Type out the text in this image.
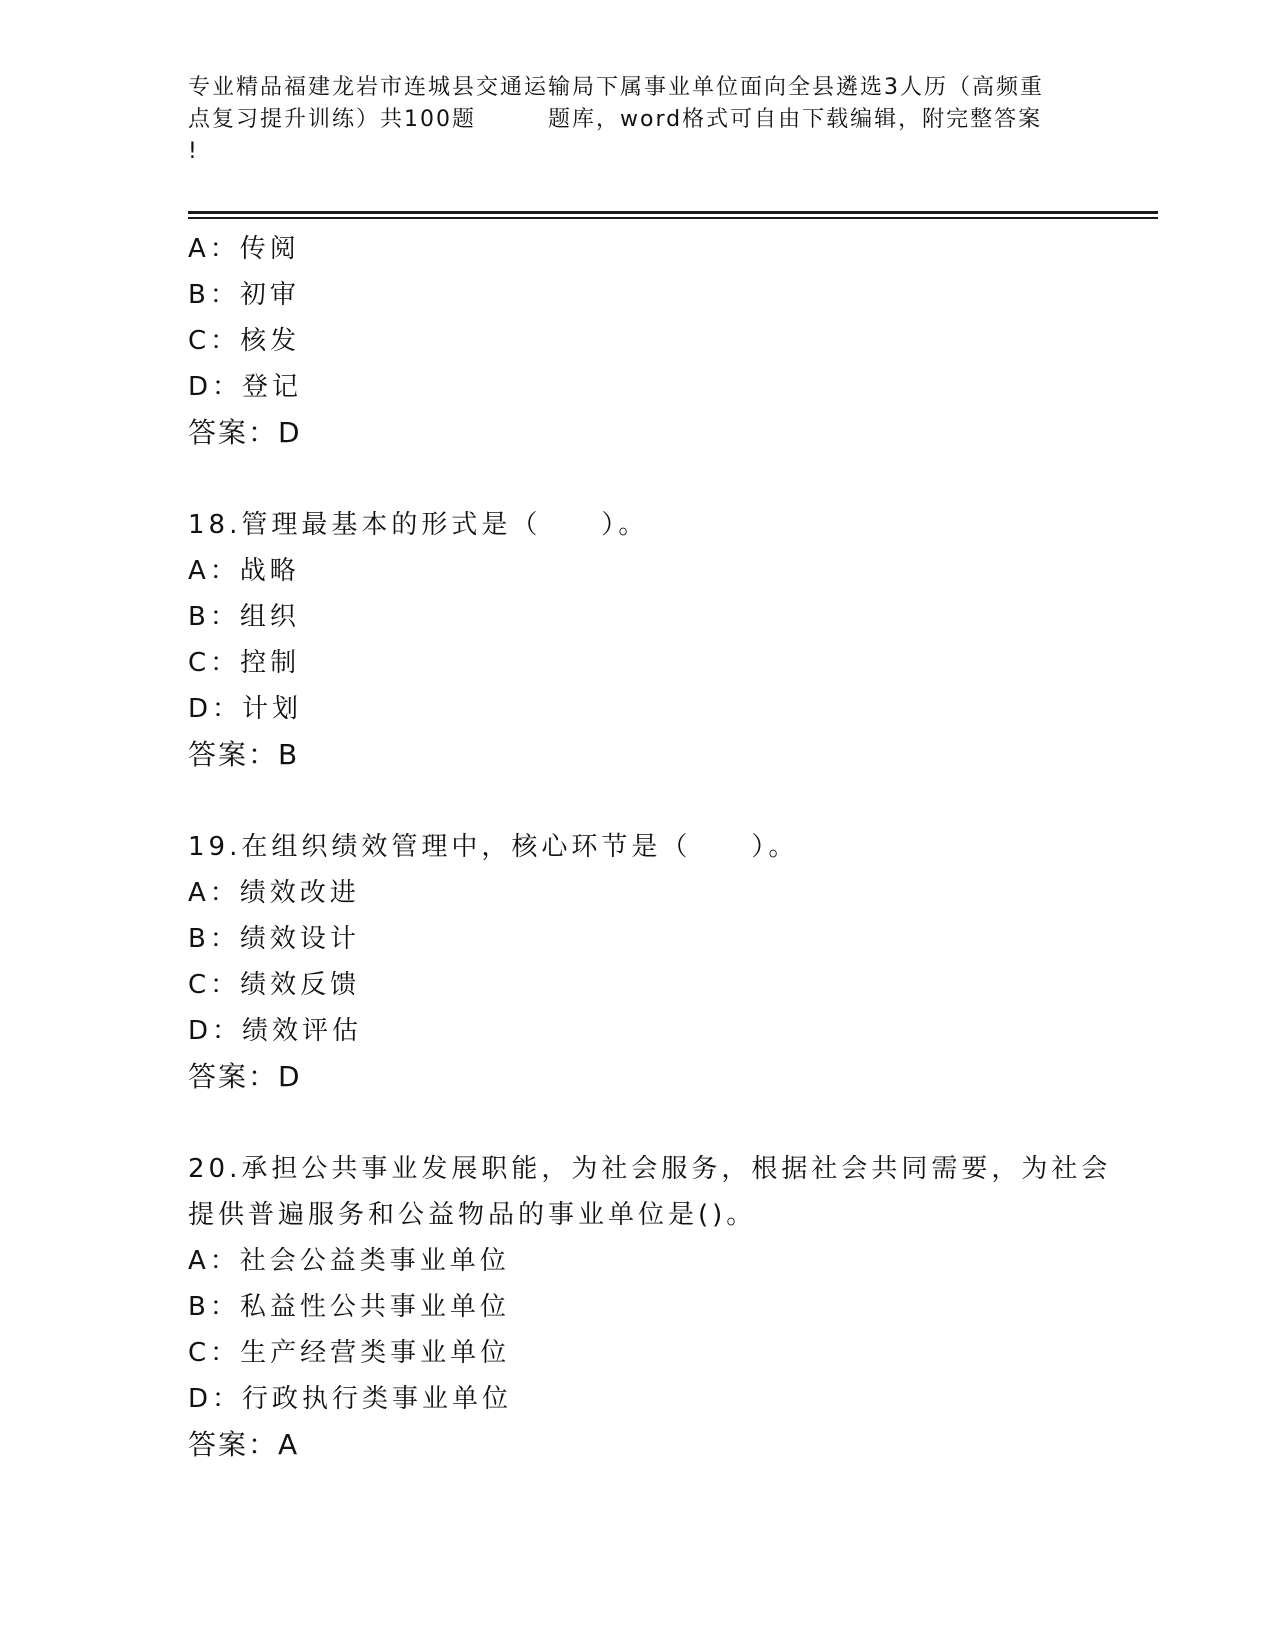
专业精品福建龙岩市连城县交通运输局下属事业单位面向全县遴选3人历（高频重
点复习提升训练）共100题	题库，word格式可自由下载编辑，附完整答案
!
A：传阅
B：初审
C：核发
D：登记
答案：D
18.管理最基本的形式是（ ）。
A：战略
B：组织
C：控制
D：计划
答案：B
19.在组织绩效管理中，核心环节是（ ）。
A：绩效改进
B：绩效设计
C：绩效反馈
D：绩效评估
答案：D
20.承担公共事业发展职能，为社会服务，根据社会共同需要，为社会
提供普遍服务和公益物品的事业单位是()。
A：社会公益类事业单位
B：私益性公共事业单位
C：生产经营类事业单位
D：行政执行类事业单位
答案：A
